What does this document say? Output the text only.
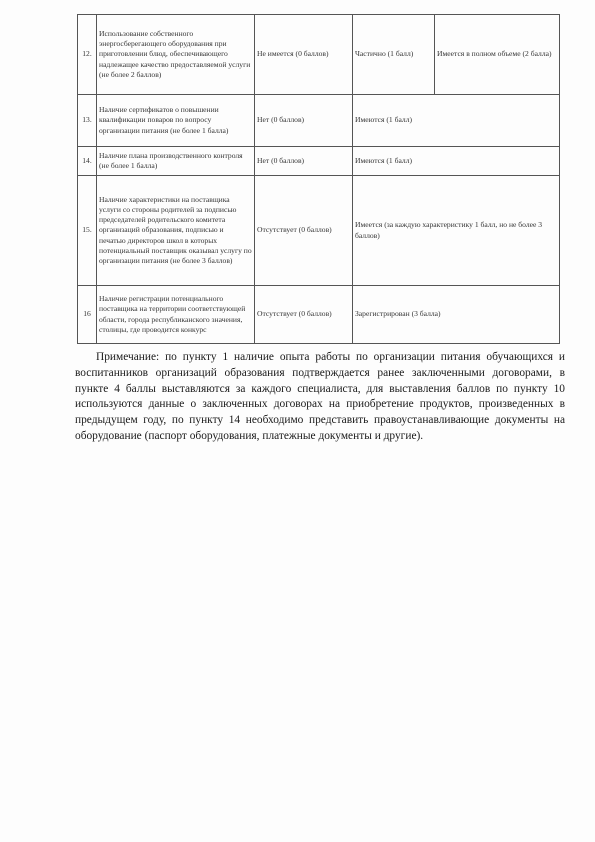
12.	Использование собственного энергосберегающего оборудования при приготовлении блюд, обеспечивающего надлежащее качество предоставляемой услуги (не более 2 баллов)	Не имеется (0 баллов)	Частично (1 балл)	Имеется в полном объеме (2 балла)
13.	Наличие сертификатов о повышении квалификации поваров по вопросу организации питания (не более 1 балла)	Нет (0 баллов)	Имеются (1 балл)	
14.	Наличие плана производственного контроля (не более 1 балла)	Нет (0 баллов)	Имеются (1 балл)	
15.	Наличие характеристики на поставщика услуги со стороны родителей за подписью председателей родительского комитета организаций образования, подписью и печатью директоров школ в которых потенциальный поставщик оказывал услугу по организации питания (не более 3 баллов)	Отсутствует (0 баллов)	Имеется (за каждую характеристику 1 балл, но не более 3 баллов)	
16	Наличие регистрации потенциального поставщика на территории соответствующей области, города республиканского значения, столицы, где проводится конкурс	Отсутствует (0 баллов)	Зарегистрирован (3 балла)	

Примечание: по пункту 1 наличие опыта работы по организации питания обучающихся и воспитанников организаций образования подтверждается ранее заключенными договорами, в пункте 4 баллы выставляются за каждого специалиста, для выставления баллов по пункту 10 используются данные о заключенных договорах на приобретение продуктов, произведенных в предыдущем году, по пункту 14 необходимо представить правоустанавливающие документы на оборудование (паспорт оборудования, платежные документы и другие).
